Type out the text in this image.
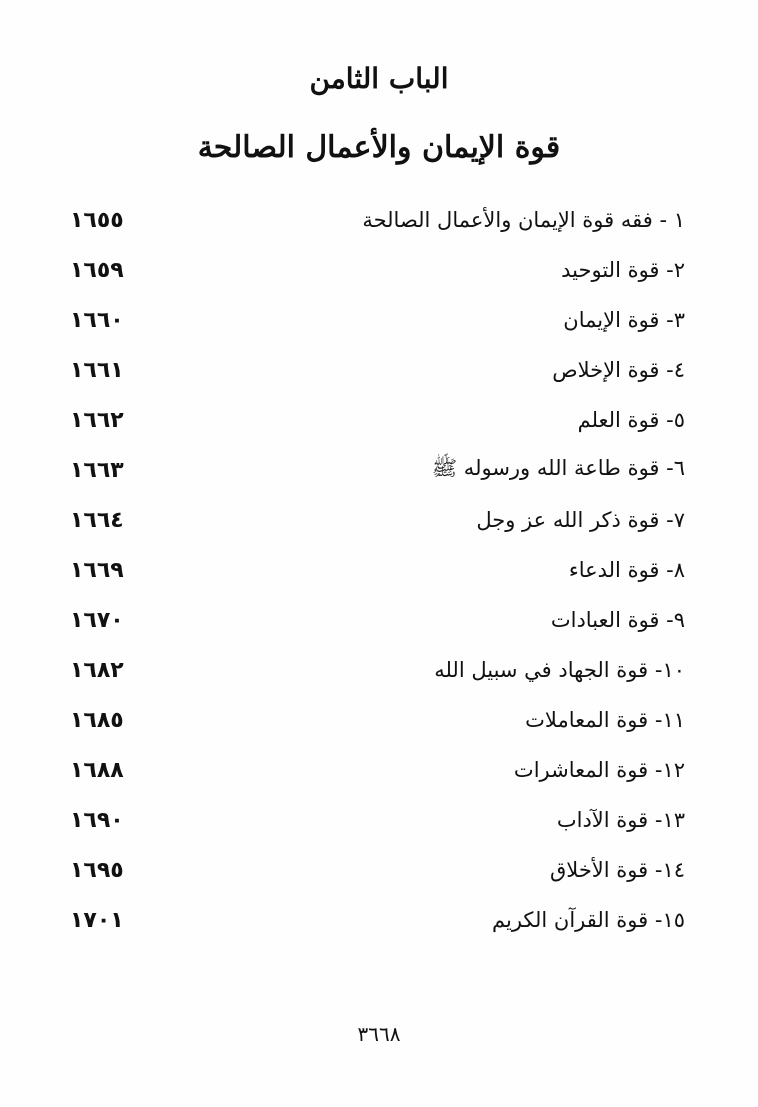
الباب الثامن
قوة الإيمان والأعمال الصالحة
١٦٥٥	١ - فقه قوة الإيمان والأعمال الصالحة
١٦٥٩	٢- قوة التوحيد
١٦٦٠	٣- قوة الإيمان
١٦٦١	٤- قوة الإخلاص
١٦٦٢	٥- قوة العلم
١٦٦٣	٦- قوة طاعة الله ورسوله ﷺ
١٦٦٤	٧- قوة ذكر الله عز وجل
١٦٦٩	٨- قوة الدعاء
١٦٧٠	٩- قوة العبادات
١٦٨٢	١٠- قوة الجهاد في سبيل الله
١٦٨٥	١١- قوة المعاملات
١٦٨٨	١٢- قوة المعاشرات
١٦٩٠	١٣- قوة الآداب
١٦٩٥	١٤- قوة الأخلاق
١٧٠١	١٥- قوة القرآن الكريم
٣٦٦٨
